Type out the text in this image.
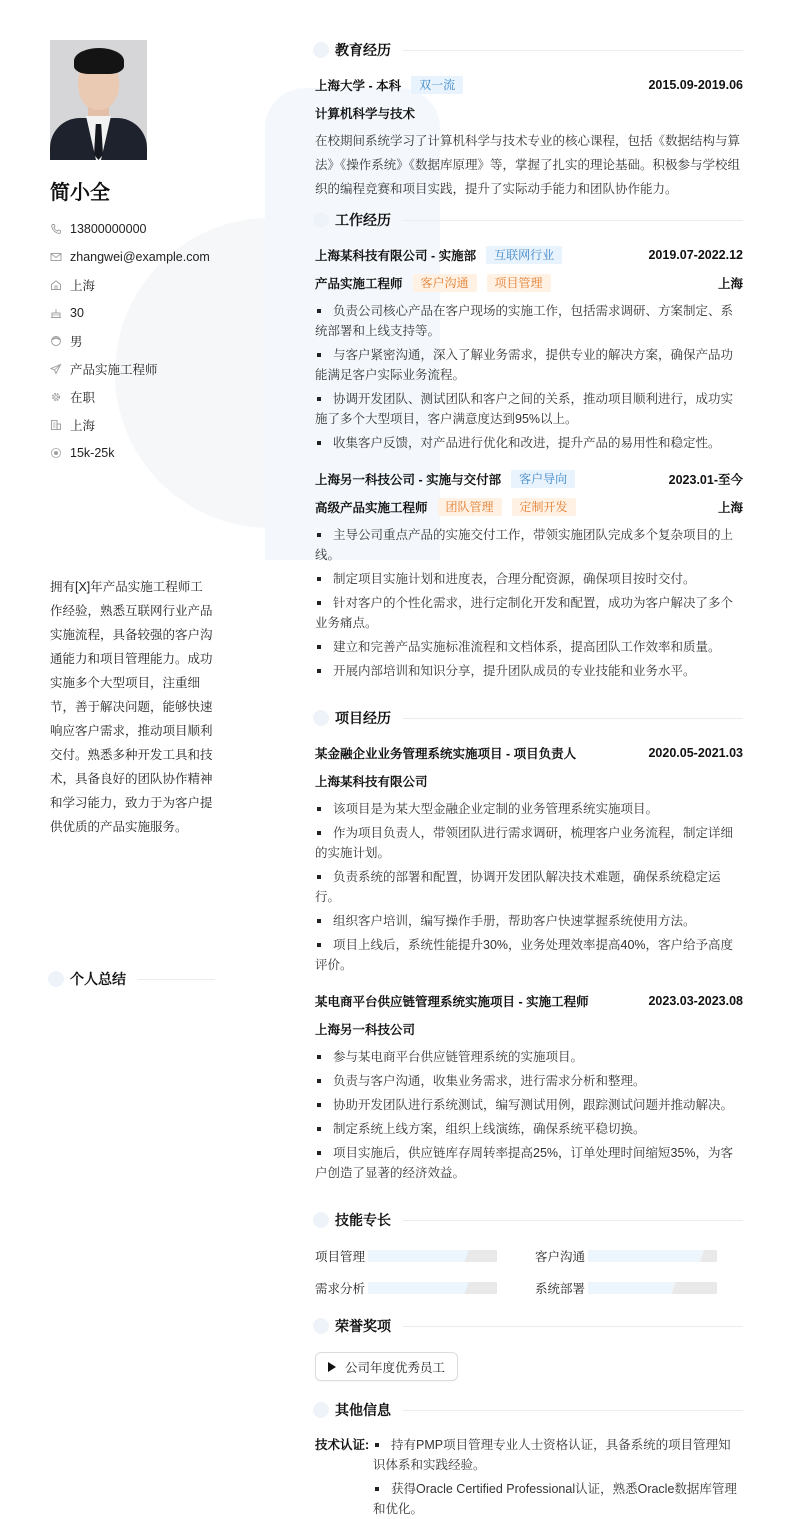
简小全
13800000000
zhangwei@example.com
上海
30
男
产品实施工程师
在职
上海
15k-25k
个人总结
拥有[X]年产品实施工程师工作经验，熟悉互联网行业产品实施流程，具备较强的客户沟通能力和项目管理能力。成功实施多个大型项目，注重细节，善于解决问题，能够快速响应客户需求，推动项目顺利交付。熟悉多种开发工具和技术，具备良好的团队协作精神和学习能力，致力于为客户提供优质的产品实施服务。
教育经历
上海大学 - 本科	双一流	2015.09-2019.06
计算机科学与技术
在校期间系统学习了计算机科学与技术专业的核心课程，包括《数据结构与算法》《操作系统》《数据库原理》等，掌握了扎实的理论基础。积极参与学校组织的编程竞赛和项目实践，提升了实际动手能力和团队协作能力。
工作经历
上海某科技有限公司 - 实施部	互联网行业	2019.07-2022.12
产品实施工程师	客户沟通	项目管理	上海
负责公司核心产品在客户现场的实施工作，包括需求调研、方案制定、系统部署和上线支持等。
与客户紧密沟通，深入了解业务需求，提供专业的解决方案，确保产品功能满足客户实际业务流程。
协调开发团队、测试团队和客户之间的关系，推动项目顺利进行，成功实施了多个大型项目，客户满意度达到95%以上。
收集客户反馈，对产品进行优化和改进，提升产品的易用性和稳定性。
上海另一科技公司 - 实施与交付部	客户导向	2023.01-至今
高级产品实施工程师	团队管理	定制开发	上海
主导公司重点产品的实施交付工作，带领实施团队完成多个复杂项目的上线。
制定项目实施计划和进度表，合理分配资源，确保项目按时交付。
针对客户的个性化需求，进行定制化开发和配置，成功为客户解决了多个业务痛点。
建立和完善产品实施标准流程和文档体系，提高团队工作效率和质量。
开展内部培训和知识分享，提升团队成员的专业技能和业务水平。
项目经历
某金融企业业务管理系统实施项目 - 项目负责人	2020.05-2021.03
上海某科技有限公司
该项目是为某大型金融企业定制的业务管理系统实施项目。
作为项目负责人，带领团队进行需求调研，梳理客户业务流程，制定详细的实施计划。
负责系统的部署和配置，协调开发团队解决技术难题，确保系统稳定运行。
组织客户培训，编写操作手册，帮助客户快速掌握系统使用方法。
项目上线后，系统性能提升30%，业务处理效率提高40%，客户给予高度评价。
某电商平台供应链管理系统实施项目 - 实施工程师	2023.03-2023.08
上海另一科技公司
参与某电商平台供应链管理系统的实施项目。
负责与客户沟通，收集业务需求，进行需求分析和整理。
协助开发团队进行系统测试，编写测试用例，跟踪测试问题并推动解决。
制定系统上线方案，组织上线演练，确保系统平稳切换。
项目实施后，供应链库存周转率提高25%，订单处理时间缩短35%，为客户创造了显著的经济效益。
技能专长
项目管理	客户沟通
需求分析	系统部署
荣誉奖项
公司年度优秀员工
其他信息
技术认证:	持有PMP项目管理专业人士资格认证，具备系统的项目管理知识体系和实践经验。
获得Oracle Certified Professional认证，熟悉Oracle数据库管理和优化。
